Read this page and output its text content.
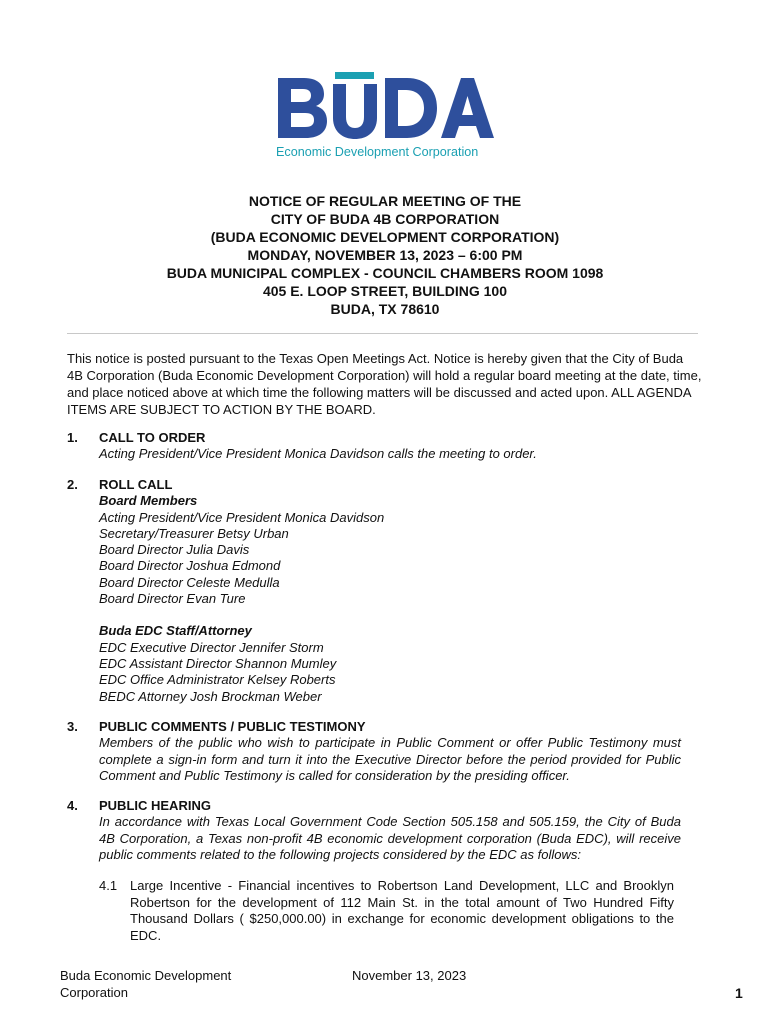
Economic Development Corporation
NOTICE OF REGULAR MEETING OF THE
CITY OF BUDA 4B CORPORATION
(BUDA ECONOMIC DEVELOPMENT CORPORATION)
MONDAY, NOVEMBER 13, 2023 – 6:00 PM
BUDA MUNICIPAL COMPLEX - COUNCIL CHAMBERS ROOM 1098
405 E. LOOP STREET, BUILDING 100
BUDA, TX 78610
This notice is posted pursuant to the Texas Open Meetings Act. Notice is hereby given that the City of Buda 4B Corporation (Buda Economic Development Corporation) will hold a regular board meeting at the date, time, and place noticed above at which time the following matters will be discussed and acted upon. ALL AGENDA ITEMS ARE SUBJECT TO ACTION BY THE BOARD.
1. CALL TO ORDER
Acting President/Vice President Monica Davidson calls the meeting to order.
2. ROLL CALL
Board Members
Acting President/Vice President Monica Davidson
Secretary/Treasurer Betsy Urban
Board Director Julia Davis
Board Director Joshua Edmond
Board Director Celeste Medulla
Board Director Evan Ture
Buda EDC Staff/Attorney
EDC Executive Director Jennifer Storm
EDC Assistant Director Shannon Mumley
EDC Office Administrator Kelsey Roberts
BEDC Attorney Josh Brockman Weber
3. PUBLIC COMMENTS / PUBLIC TESTIMONY
Members of the public who wish to participate in Public Comment or offer Public Testimony must complete a sign-in form and turn it into the Executive Director before the period provided for Public Comment and Public Testimony is called for consideration by the presiding officer.
4. PUBLIC HEARING
In accordance with Texas Local Government Code Section 505.158 and 505.159, the City of Buda 4B Corporation, a Texas non-profit 4B economic development corporation (Buda EDC), will receive public comments related to the following projects considered by the EDC as follows:
4.1 Large Incentive - Financial incentives to Robertson Land Development, LLC and Brooklyn Robertson for the development of 112 Main St. in the total amount of Two Hundred Fifty Thousand Dollars ( $250,000.00) in exchange for economic development obligations to the EDC.
Buda Economic Development
Corporation
November 13, 2023
1
